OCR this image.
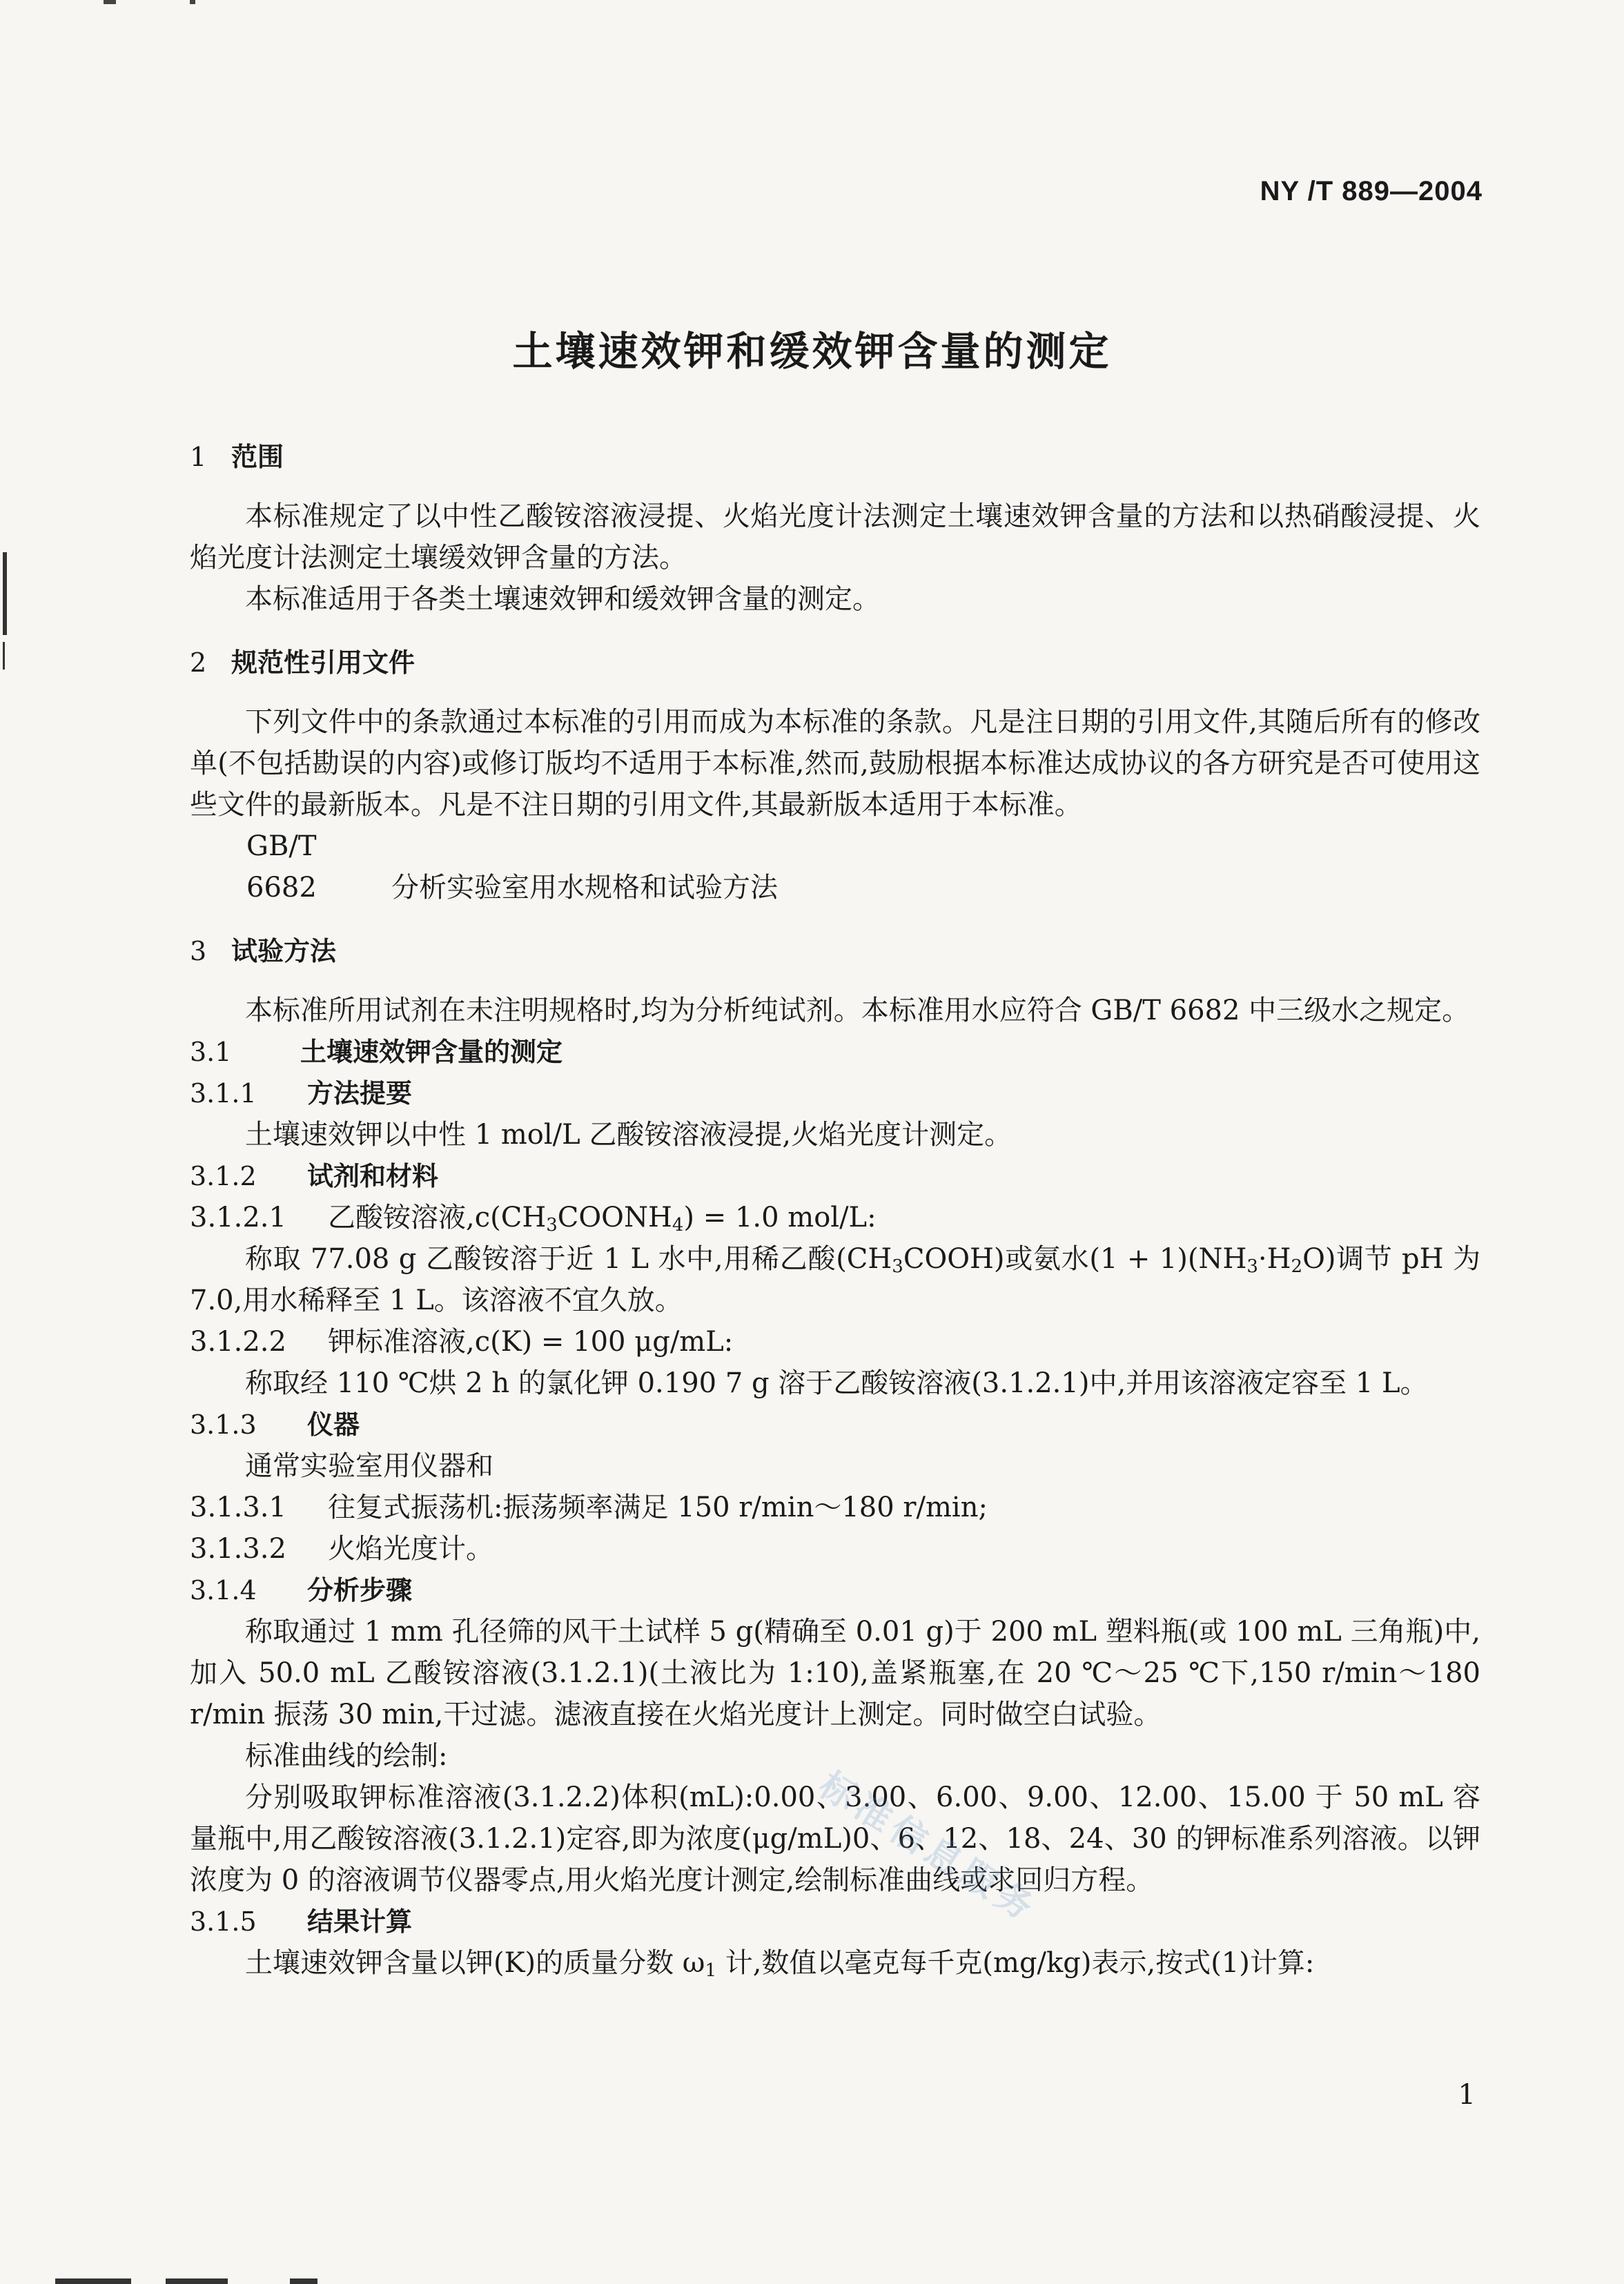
NY /T 889—2004
土壤速效钾和缓效钾含量的测定
1 范围

本标准规定了以中性乙酸铵溶液浸提、火焰光度计法测定土壤速效钾含量的方法和以热硝酸浸提、火焰光度计法测定土壤缓效钾含量的方法。

本标准适用于各类土壤速效钾和缓效钾含量的测定。

2 规范性引用文件

下列文件中的条款通过本标准的引用而成为本标准的条款。凡是注日期的引用文件,其随后所有的修改单(不包括勘误的内容)或修订版均不适用于本标准,然而,鼓励根据本标准达成协议的各方研究是否可使用这些文件的最新版本。凡是不注日期的引用文件,其最新版本适用于本标准。

GB/T 6682	分析实验室用水规格和试验方法

3 试验方法

本标准所用试剂在未注明规格时,均为分析纯试剂。本标准用水应符合 GB/T 6682 中三级水之规定。

3.1	土壤速效钾含量的测定
3.1.1 方法提要

土壤速效钾以中性 1 mol/L 乙酸铵溶液浸提,火焰光度计测定。

3.1.2 试剂和材料

3.1.2.1 乙酸铵溶液$,c(CH_3COONH_4) = 1.0$ mol/L:

称取 77.08 g 乙酸铵溶于近 1 L 水中,用稀乙酸$(CH_3COOH)$或氨水$(1 + 1)(NH_3\cdot H_2O)$调节 pH 为 7.0,用水稀释至 1 L。该溶液不宜久放。

3.1.2.2 钾标准溶液,c(K) = 100 μg/mL:

称取经 110 ℃烘 2 h 的氯化钾 0.190 7 g 溶于乙酸铵溶液(3.1.2.1)中,并用该溶液定容至 1 L。

3.1.3 仪器

通常实验室用仪器和

3.1.3.1 往复式振荡机:振荡频率满足 150 r/min～180 r/min;

3.1.3.2 火焰光度计。

3.1.4 分析步骤

称取通过 1 mm 孔径筛的风干土试样 5 g(精确至 0.01 g)于 200 mL 塑料瓶(或 100 mL 三角瓶)中,加入 50.0 mL 乙酸铵溶液(3.1.2.1)(土液比为 1:10),盖紧瓶塞,在 20 ℃～25 ℃下,150 r/min～180 r/min 振荡 30 min,干过滤。滤液直接在火焰光度计上测定。同时做空白试验。

标准曲线的绘制:

分别吸取钾标准溶液(3.1.2.2)体积(mL):0.00、3.00、6.00、9.00、12.00、15.00 于 50 mL 容量瓶中,用乙酸铵溶液(3.1.2.1)定容,即为浓度(μg/mL)0、6、12、18、24、30 的钾标准系列溶液。以钾浓度为 0 的溶液调节仪器零点,用火焰光度计测定,绘制标准曲线或求回归方程。

3.1.5 结果计算

土壤速效钾含量以钾(K)的质量分数 $\omega_1$ 计,数值以毫克每千克(mg/kg)表示,按式(1)计算:

标准信息服务
1
